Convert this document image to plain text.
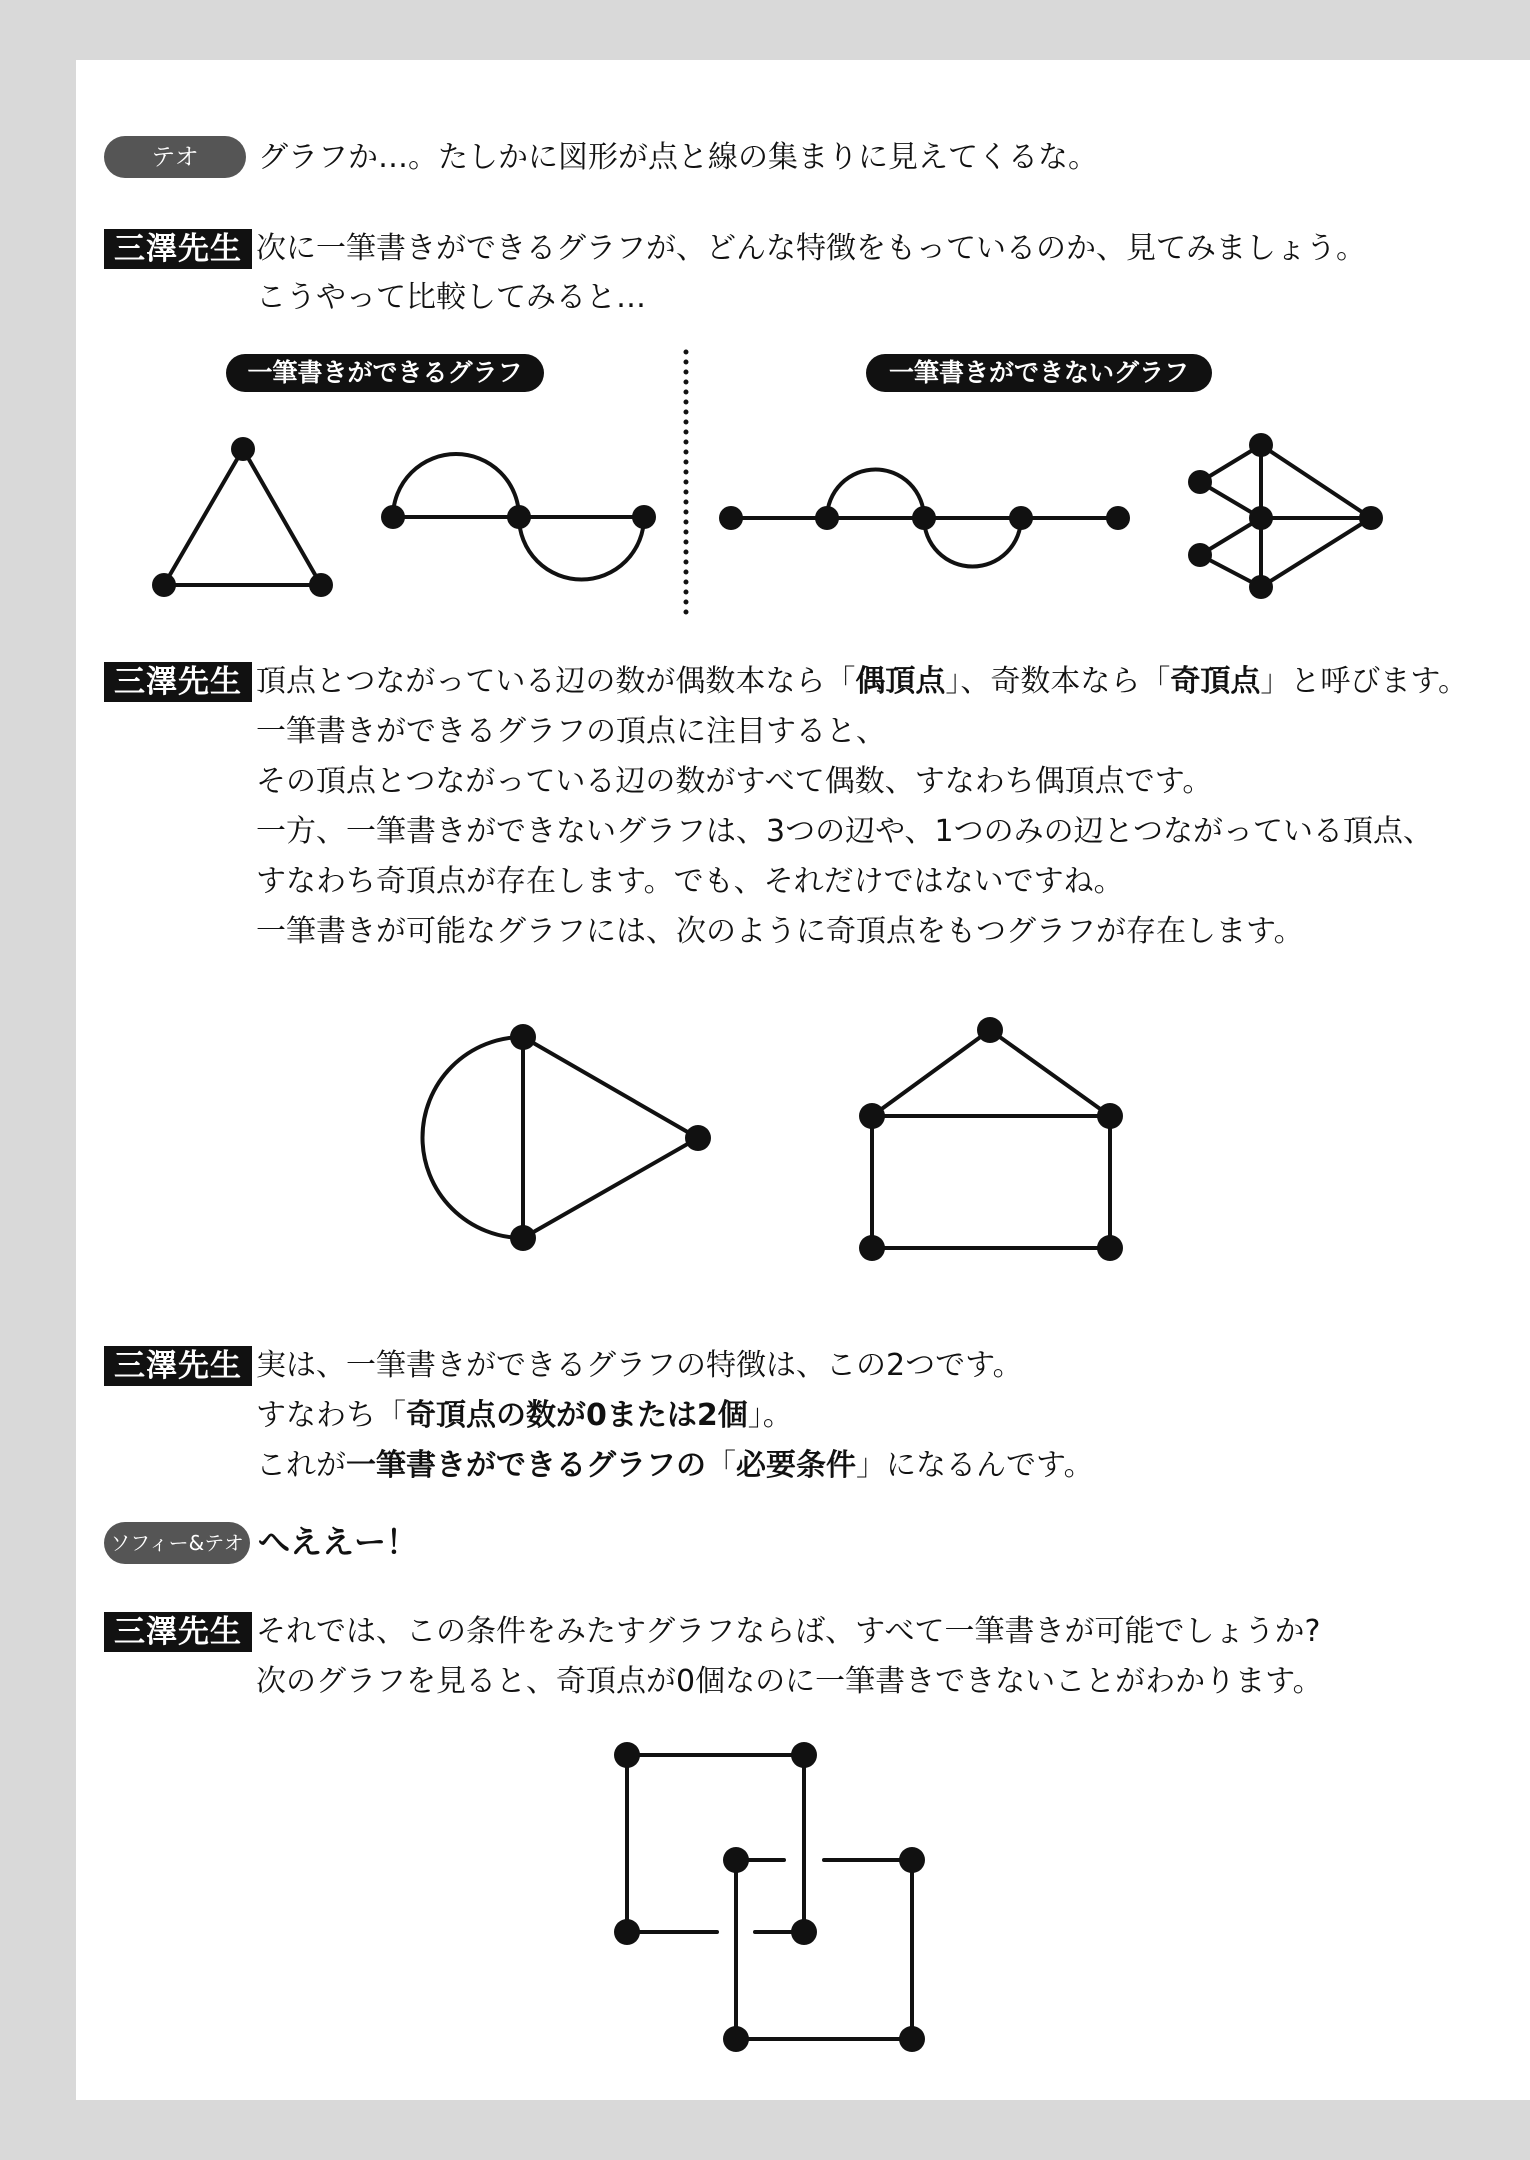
テオ	グラフか…。たしかに図形が点と線の集まりに見えてくるな。
三澤先生 次に一筆書きができるグラフが、どんな特徴をもっているのか、見てみましょう。
こうやって比較してみると…
一筆書きができるグラフ	一筆書きができないグラフ
三澤先生 頂点とつながっている辺の数が偶数本なら「偶頂点」、奇数本なら「奇頂点」と呼びます。
一筆書きができるグラフの頂点に注目すると、
その頂点とつながっている辺の数がすべて偶数、すなわち偶頂点です。
一方、一筆書きができないグラフは、3つの辺や、1つのみの辺とつながっている頂点、
すなわち奇頂点が存在します。でも、それだけではないですね。
一筆書きが可能なグラフには、次のように奇頂点をもつグラフが存在します。
三澤先生 実は、一筆書きができるグラフの特徴は、この2つです。
すなわち「奇頂点の数が0または2個」。
これが一筆書きができるグラフの「必要条件」になるんです。
ソフィー&テオ へええー！
三澤先生 それでは、この条件をみたすグラフならば、すべて一筆書きが可能でしょうか?
次のグラフを見ると、奇頂点が0個なのに一筆書きできないことがわかります。
